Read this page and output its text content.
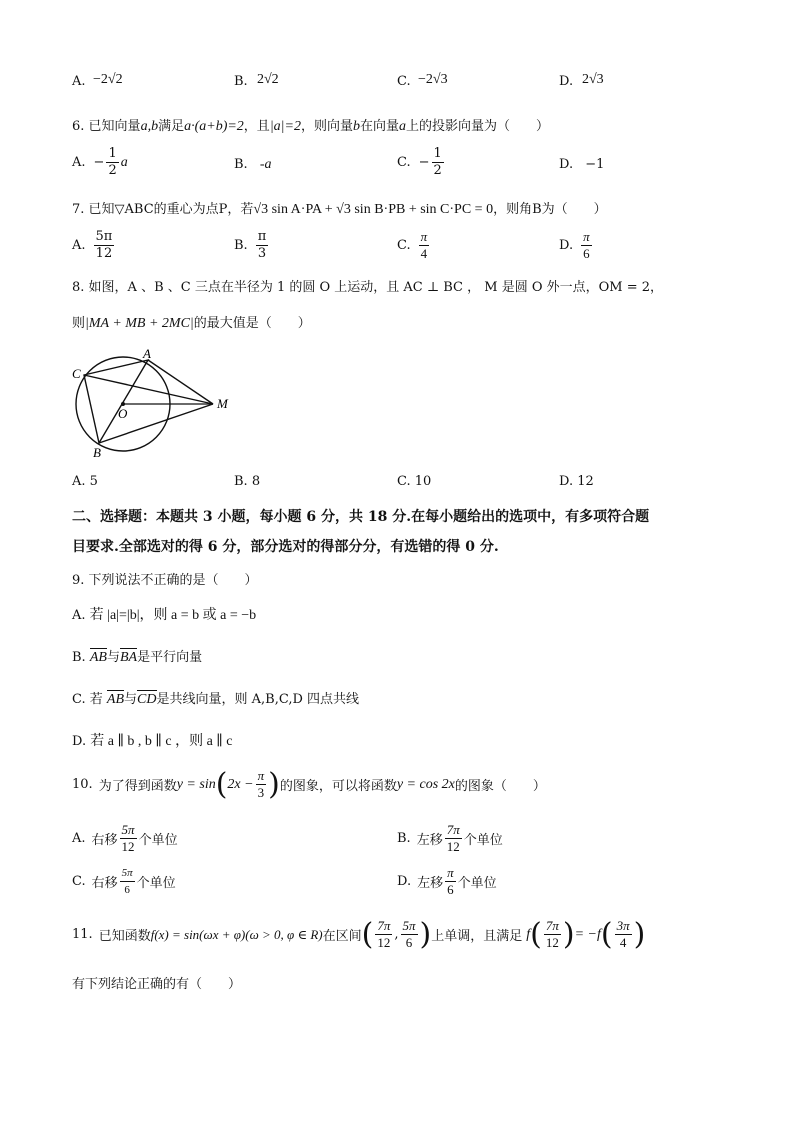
A. −2√2	B. 2√2	C. −2√3	D. 2√3
6. 已知向量a,b满足a·(a+b)=2，且|a|=2，则向量b在向量a上的投影向量为（　　）
A. − $\frac{1}{2}$ a	B. -a	C. − $\frac{1}{2}$	D. −1
7. 已知▽ABC的重心为点P，若√3 sin A·PA + √3 sin B·PB + sin C·PC = 0，则角B为（　　）
A. $\frac{5\pi}{12}$	B. $\frac{\pi}{3}$	C. $\frac{\pi}{4}$	D. $\frac{\pi}{6}$
8. 如图，A 、B 、C 三点在半径为 1 的圆 O 上运动，且 AC ⊥ BC ， M 是圆 O 外一点，OM = 2，
则|MA + MB + 2MC|的最大值是（　　）
A
C
B
O
M
A. 5	B. 8	C. 10	D. 12
二、选择题：本题共 3 小题，每小题 6 分，共 18 分.在每小题给出的选项中，有多项符合题
目要求.全部选对的得 6 分，部分选对的得部分分，有选错的得 0 分.
9. 下列说法不正确的是（　　）
A. 若 |a|=|b|，则 a = b 或 a = −b
B. AB与BA是平行向量
C. 若 AB与CD是共线向量，则 A,B,C,D 四点共线
D. 若 a ∥ b , b ∥ c ，则 a ∥ c
10. 为了得到函数 y = sin ( $2x - \frac{\pi}{3}$ ) 的图象，可以将函数 y = cos 2x 的图象（　　）
A. 右移 $\frac{5\pi}{12}$ 个单位	B. 左移 $\frac{7\pi}{12}$ 个单位
C. 右移 $\frac{5\pi}{6}$ 个单位	D. 左移 $\frac{\pi}{6}$ 个单位
11. 已知函数 f(x) = sin(ωx + φ)(ω > 0, φ ∈ R) 在区间 ( $\frac{7\pi}{12}$ , $\frac{5\pi}{6}$ ) 上单调，且满足 f ( $\frac{7\pi}{12}$ ) = −f ( $\frac{3\pi}{4}$ )
有下列结论正确的有（　　）
